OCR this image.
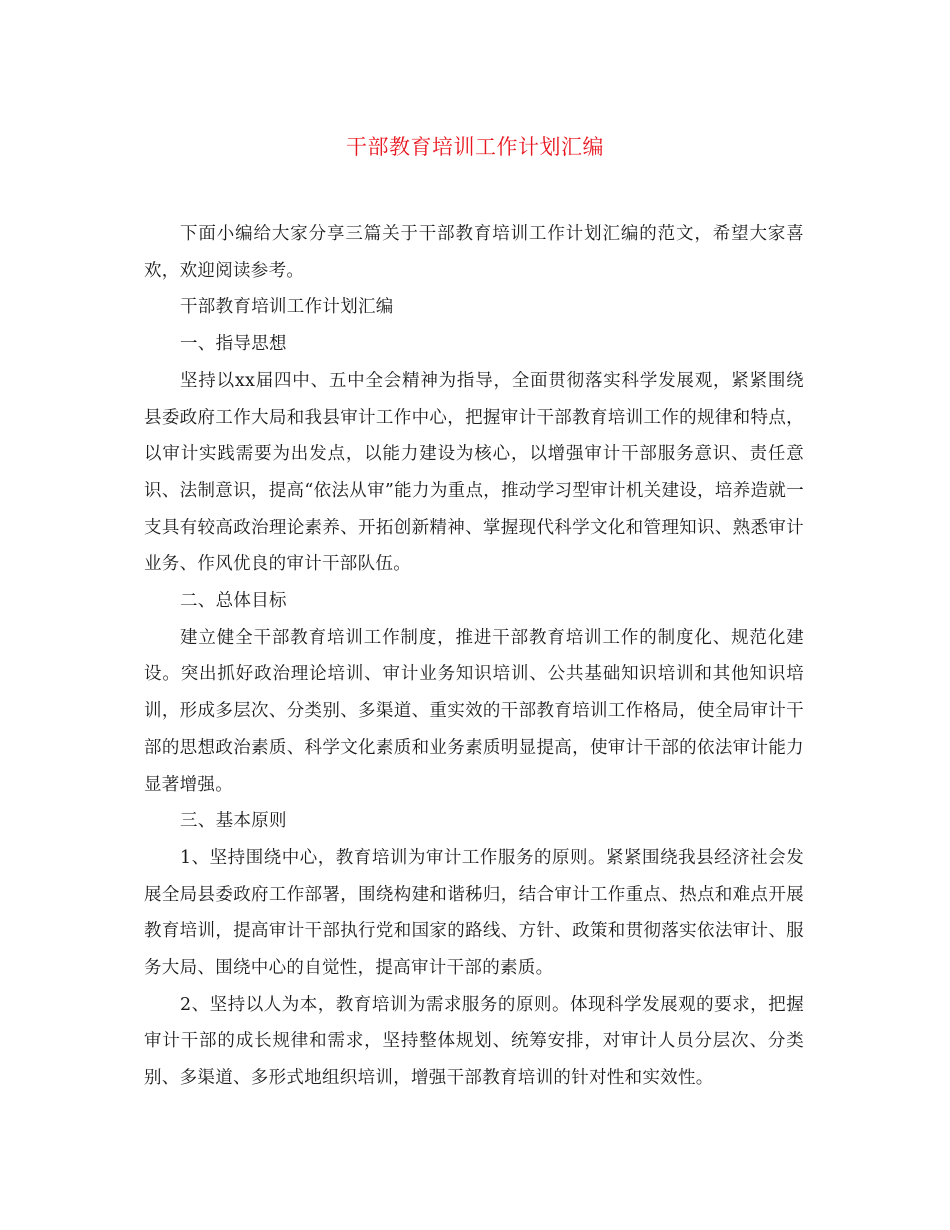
干部教育培训工作计划汇编

下面小编给大家分享三篇关于干部教育培训工作计划汇编的范文，希望大家喜欢，欢迎阅读参考。

干部教育培训工作计划汇编

一、指导思想

坚持以xx届四中、五中全会精神为指导，全面贯彻落实科学发展观，紧紧围绕县委政府工作大局和我县审计工作中心，把握审计干部教育培训工作的规律和特点，以审计实践需要为出发点，以能力建设为核心，以增强审计干部服务意识、责任意识、法制意识，提高“依法从审”能力为重点，推动学习型审计机关建设，培养造就一支具有较高政治理论素养、开拓创新精神、掌握现代科学文化和管理知识、熟悉审计业务、作风优良的审计干部队伍。

二、总体目标

建立健全干部教育培训工作制度，推进干部教育培训工作的制度化、规范化建设。突出抓好政治理论培训、审计业务知识培训、公共基础知识培训和其他知识培训，形成多层次、分类别、多渠道、重实效的干部教育培训工作格局，使全局审计干部的思想政治素质、科学文化素质和业务素质明显提高，使审计干部的依法审计能力显著增强。

三、基本原则

1、坚持围绕中心，教育培训为审计工作服务的原则。紧紧围绕我县经济社会发展全局县委政府工作部署，围绕构建和谐秭归，结合审计工作重点、热点和难点开展教育培训，提高审计干部执行党和国家的路线、方针、政策和贯彻落实依法审计、服务大局、围绕中心的自觉性，提高审计干部的素质。

2、坚持以人为本，教育培训为需求服务的原则。体现科学发展观的要求，把握审计干部的成长规律和需求，坚持整体规划、统筹安排，对审计人员分层次、分类别、多渠道、多形式地组织培训，增强干部教育培训的针对性和实效性。
